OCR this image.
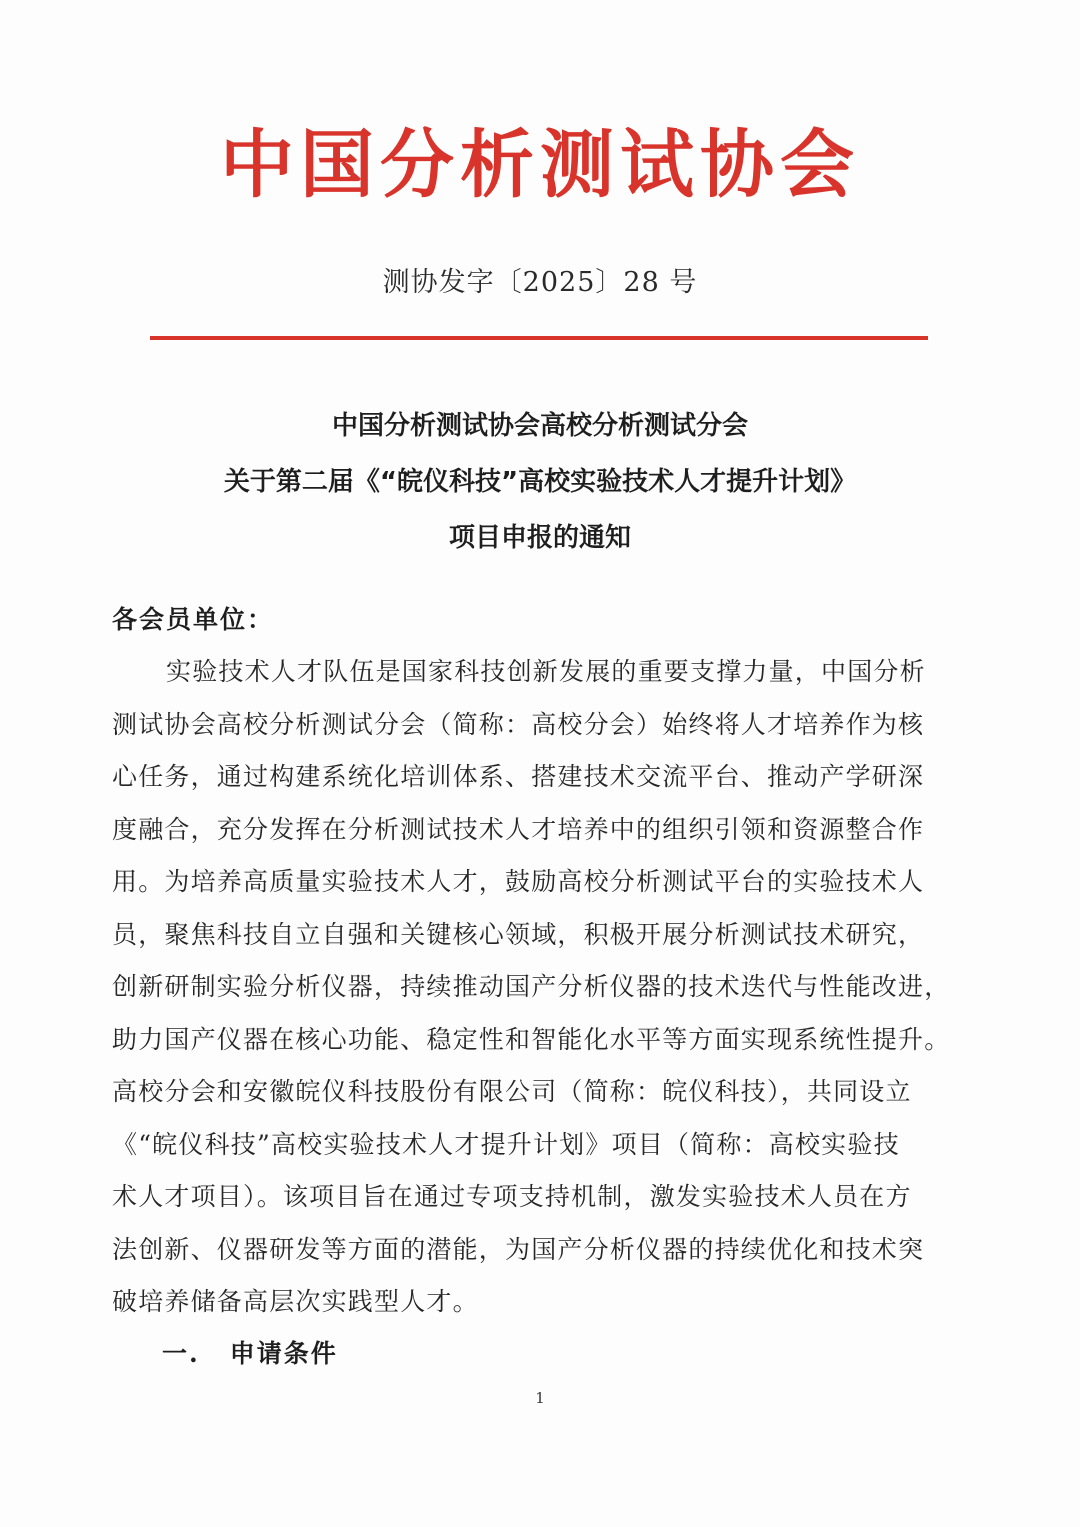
中国分析测试协会
测协发字〔2025〕28 号
中国分析测试协会高校分析测试分会
关于第二届《“皖仪科技”高校实验技术人才提升计划》
项目申报的通知
各会员单位：
实验技术人才队伍是国家科技创新发展的重要支撑力量，中国分析
测试协会高校分析测试分会（简称：高校分会）始终将人才培养作为核
心任务，通过构建系统化培训体系、搭建技术交流平台、推动产学研深
度融合，充分发挥在分析测试技术人才培养中的组织引领和资源整合作
用。为培养高质量实验技术人才，鼓励高校分析测试平台的实验技术人
员，聚焦科技自立自强和关键核心领域，积极开展分析测试技术研究，
创新研制实验分析仪器，持续推动国产分析仪器的技术迭代与性能改进，
助力国产仪器在核心功能、稳定性和智能化水平等方面实现系统性提升。
高校分会和安徽皖仪科技股份有限公司（简称：皖仪科技），共同设立
《“皖仪科技”高校实验技术人才提升计划》项目（简称：高校实验技
术人才项目）。该项目旨在通过专项支持机制，激发实验技术人员在方
法创新、仪器研发等方面的潜能，为国产分析仪器的持续优化和技术突
破培养储备高层次实践型人才。
一. 申请条件
1
